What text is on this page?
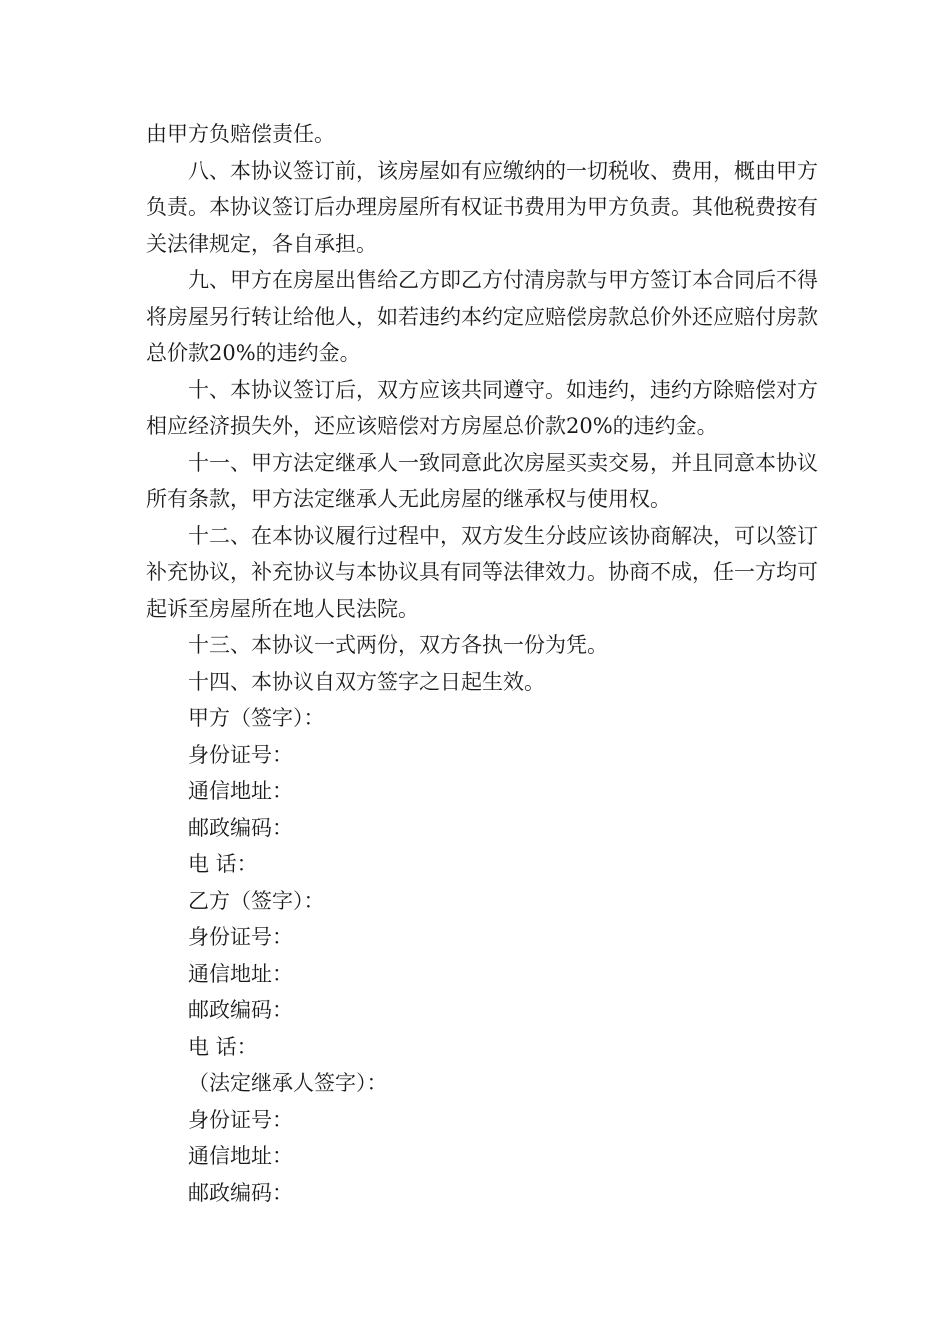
由甲方负赔偿责任。

八、本协议签订前，该房屋如有应缴纳的一切税收、费用，概由甲方负责。本协议签订后办理房屋所有权证书费用为甲方负责。其他税费按有关法律规定，各自承担。

九、甲方在房屋出售给乙方即乙方付清房款与甲方签订本合同后不得将房屋另行转让给他人，如若违约本约定应赔偿房款总价外还应赔付房款总价款20%的违约金。

十、本协议签订后，双方应该共同遵守。如违约，违约方除赔偿对方相应经济损失外，还应该赔偿对方房屋总价款20%的违约金。

十一、甲方法定继承人一致同意此次房屋买卖交易，并且同意本协议所有条款，甲方法定继承人无此房屋的继承权与使用权。

十二、在本协议履行过程中，双方发生分歧应该协商解决，可以签订补充协议，补充协议与本协议具有同等法律效力。协商不成，任一方均可起诉至房屋所在地人民法院。

十三、本协议一式两份，双方各执一份为凭。

十四、本协议自双方签字之日起生效。

甲方（签字）：

身份证号：

通信地址：

邮政编码：

电 话：

乙方（签字）：

身份证号：

通信地址：

邮政编码：

电 话：

（法定继承人签字）：

身份证号：

通信地址：

邮政编码：
